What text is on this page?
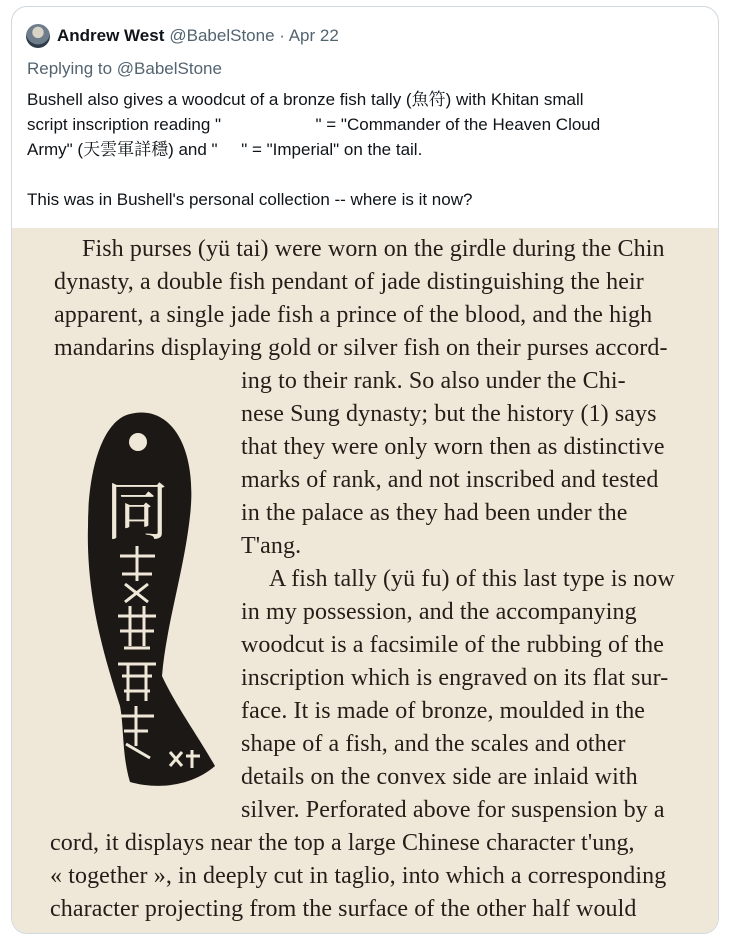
Andrew West @BabelStone · Apr 22
Replying to @BabelStone
Bushell also gives a woodcut of a bronze fish tally (魚符) with Khitan small
script inscription reading "                    " = "Commander of the Heaven Cloud
Army" (天雲軍詳穩) and "     " = "Imperial" on the tail.
This was in Bushell's personal collection -- where is it now?
Fish purses (yü tai) were worn on the girdle during the Chin
dynasty, a double fish pendant of jade distinguishing the heir
apparent, a single jade fish a prince of the blood, and the high
mandarins displaying gold or silver fish on their purses accord-
ing to their rank. So also under the Chi-
nese Sung dynasty; but the history (1) says
that they were only worn then as distinctive
marks of rank, and not inscribed and tested
in the palace as they had been under the
T'ang.
A fish tally (yü fu) of this last type is now
in my possession, and the accompanying
woodcut is a facsimile of the rubbing of the
inscription which is engraved on its flat sur-
face. It is made of bronze, moulded in the
shape of a fish, and the scales and other
details on the convex side are inlaid with
silver. Perforated above for suspension by a
cord, it displays near the top a large Chinese character t'ung,
« together », in deeply cut in taglio, into which a corresponding
character projecting from the surface of the other half would
同
